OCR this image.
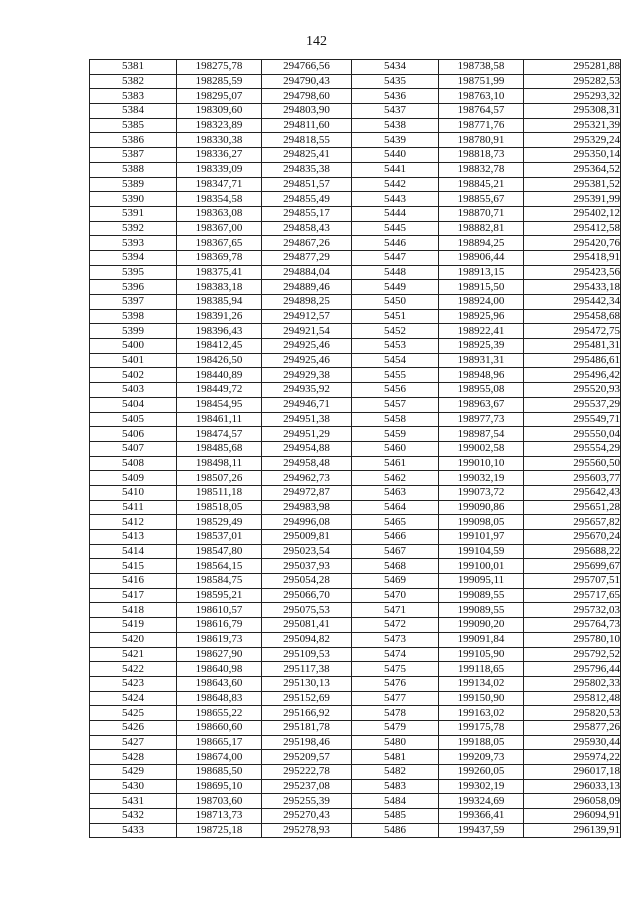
142
5381	198275,78	294766,56	5434	198738,58	295281,88
5382	198285,59	294790,43	5435	198751,99	295282,53
5383	198295,07	294798,60	5436	198763,10	295293,32
5384	198309,60	294803,90	5437	198764,57	295308,31
5385	198323,89	294811,60	5438	198771,76	295321,39
5386	198330,38	294818,55	5439	198780,91	295329,24
5387	198336,27	294825,41	5440	198818,73	295350,14
5388	198339,09	294835,38	5441	198832,78	295364,52
5389	198347,71	294851,57	5442	198845,21	295381,52
5390	198354,58	294855,49	5443	198855,67	295391,99
5391	198363,08	294855,17	5444	198870,71	295402,12
5392	198367,00	294858,43	5445	198882,81	295412,58
5393	198367,65	294867,26	5446	198894,25	295420,76
5394	198369,78	294877,29	5447	198906,44	295418,91
5395	198375,41	294884,04	5448	198913,15	295423,56
5396	198383,18	294889,46	5449	198915,50	295433,18
5397	198385,94	294898,25	5450	198924,00	295442,34
5398	198391,26	294912,57	5451	198925,96	295458,68
5399	198396,43	294921,54	5452	198922,41	295472,75
5400	198412,45	294925,46	5453	198925,39	295481,31
5401	198426,50	294925,46	5454	198931,31	295486,61
5402	198440,89	294929,38	5455	198948,96	295496,42
5403	198449,72	294935,92	5456	198955,08	295520,93
5404	198454,95	294946,71	5457	198963,67	295537,29
5405	198461,11	294951,38	5458	198977,73	295549,71
5406	198474,57	294951,29	5459	198987,54	295550,04
5407	198485,68	294954,88	5460	199002,58	295554,29
5408	198498,11	294958,48	5461	199010,10	295560,50
5409	198507,26	294962,73	5462	199032,19	295603,77
5410	198511,18	294972,87	5463	199073,72	295642,43
5411	198518,05	294983,98	5464	199090,86	295651,28
5412	198529,49	294996,08	5465	199098,05	295657,82
5413	198537,01	295009,81	5466	199101,97	295670,24
5414	198547,80	295023,54	5467	199104,59	295688,22
5415	198564,15	295037,93	5468	199100,01	295699,67
5416	198584,75	295054,28	5469	199095,11	295707,51
5417	198595,21	295066,70	5470	199089,55	295717,65
5418	198610,57	295075,53	5471	199089,55	295732,03
5419	198616,79	295081,41	5472	199090,20	295764,73
5420	198619,73	295094,82	5473	199091,84	295780,10
5421	198627,90	295109,53	5474	199105,90	295792,52
5422	198640,98	295117,38	5475	199118,65	295796,44
5423	198643,60	295130,13	5476	199134,02	295802,33
5424	198648,83	295152,69	5477	199150,90	295812,48
5425	198655,22	295166,92	5478	199163,02	295820,53
5426	198660,60	295181,78	5479	199175,78	295877,26
5427	198665,17	295198,46	5480	199188,05	295930,44
5428	198674,00	295209,57	5481	199209,73	295974,22
5429	198685,50	295222,78	5482	199260,05	296017,18
5430	198695,10	295237,08	5483	199302,19	296033,13
5431	198703,60	295255,39	5484	199324,69	296058,09
5432	198713,73	295270,43	5485	199366,41	296094,91
5433	198725,18	295278,93	5486	199437,59	296139,91
